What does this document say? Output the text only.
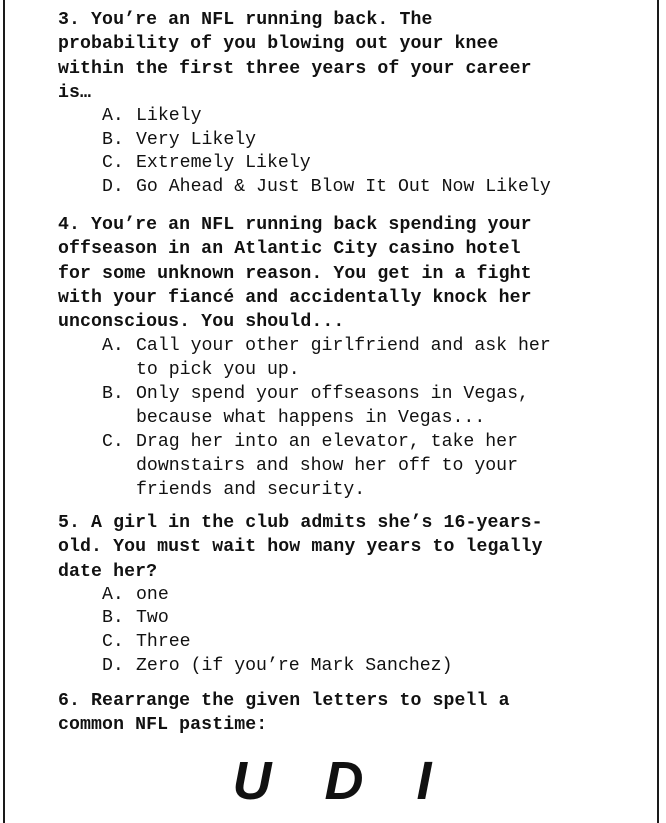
3. You’re an NFL running back. The
probability of you blowing out your knee
within the first three years of your career
is…
A. Likely
B. Very Likely
C. Extremely Likely
D. Go Ahead & Just Blow It Out Now Likely
4. You’re an NFL running back spending your
offseason in an Atlantic City casino hotel
for some unknown reason. You get in a fight
with your fiancé and accidentally knock her
unconscious. You should...
A. Call your other girlfriend and ask her
to pick you up.
B. Only spend your offseasons in Vegas,
because what happens in Vegas...
C. Drag her into an elevator, take her
downstairs and show her off to your
friends and security.
5. A girl in the club admits she’s 16-years-
old. You must wait how many years to legally
date her?
A. one
B. Two
C. Three
D. Zero (if you’re Mark Sanchez)
6. Rearrange the given letters to spell a
common NFL pastime:
U D I
